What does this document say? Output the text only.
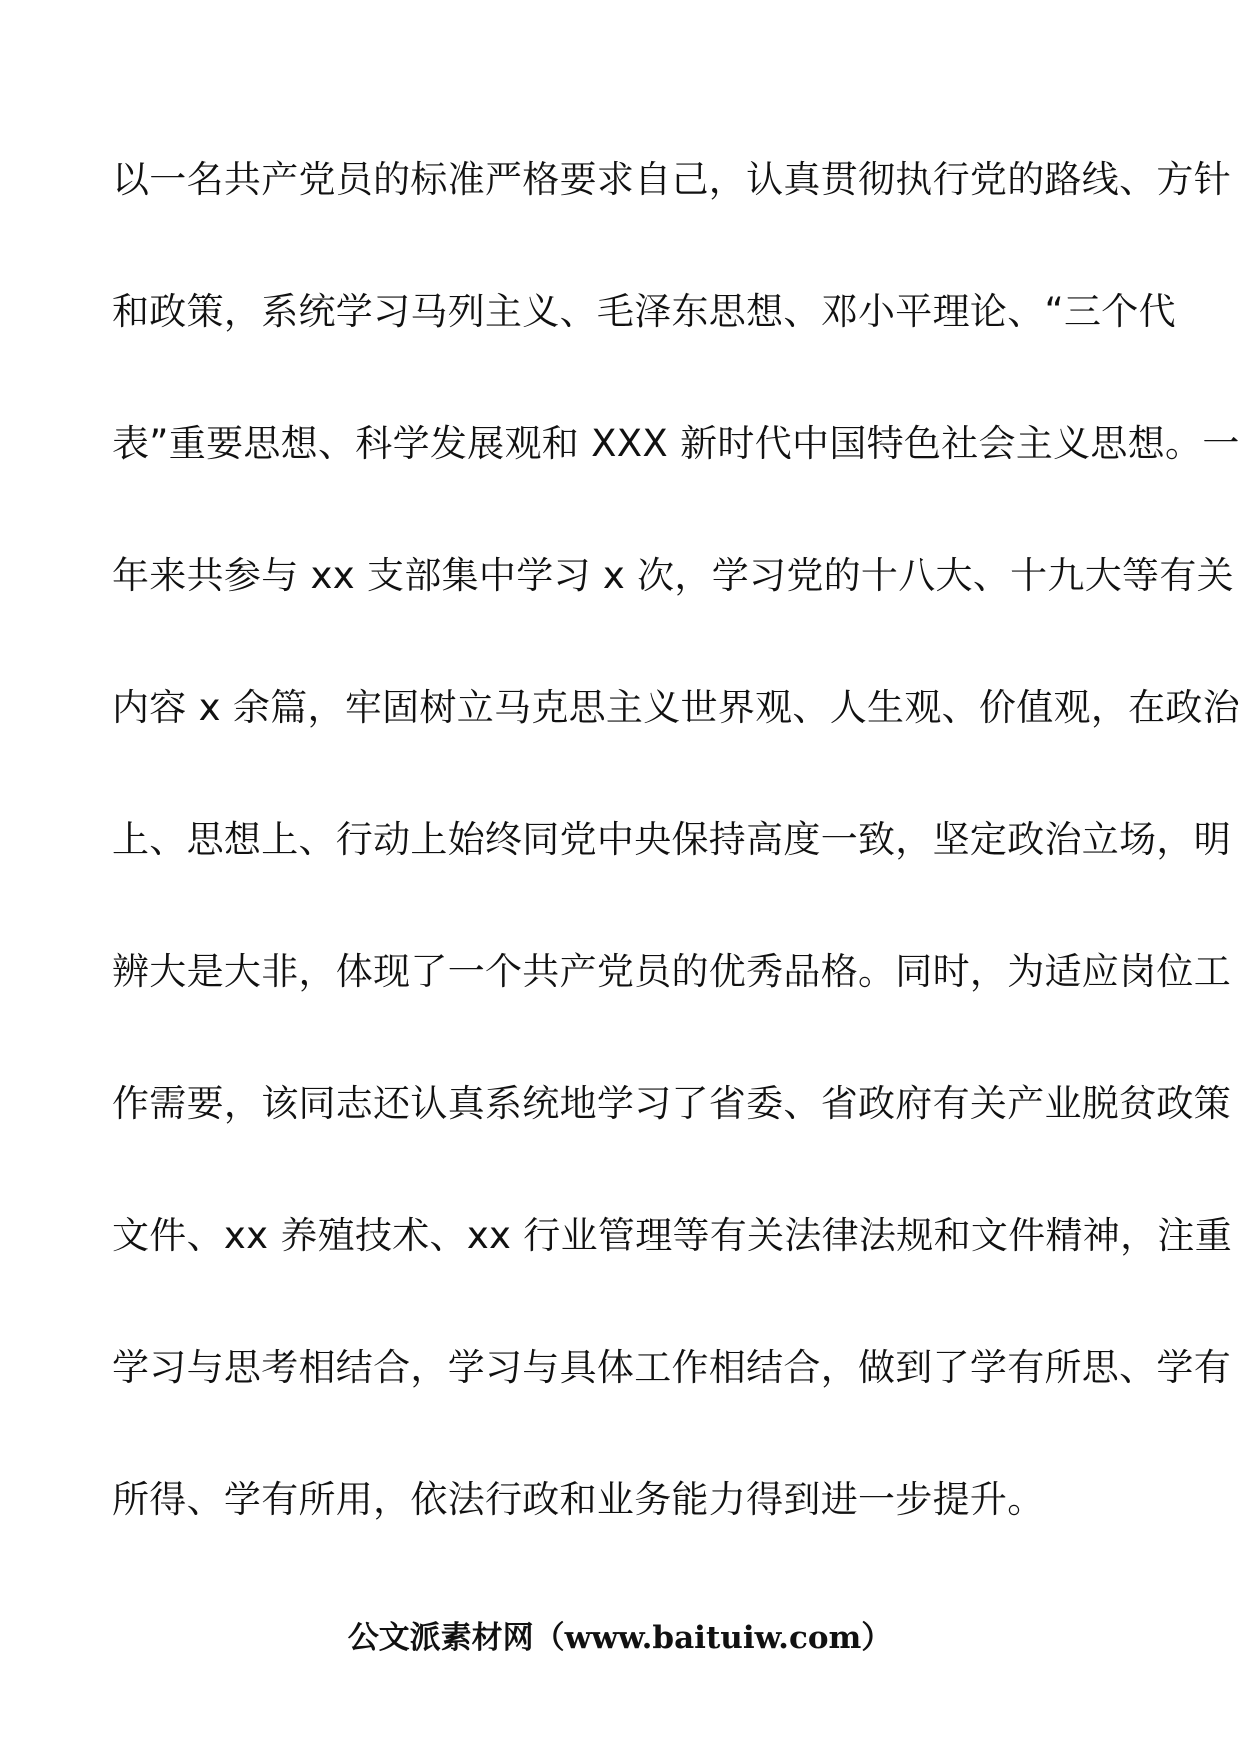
以一名共产党员的标准严格要求自己，认真贯彻执行党的路线、方针
和政策，系统学习马列主义、毛泽东思想、邓小平理论、“三个代
表”重要思想、科学发展观和 XXX 新时代中国特色社会主义思想。一
年来共参与 xx 支部集中学习 x 次，学习党的十八大、十九大等有关
内容 x 余篇，牢固树立马克思主义世界观、人生观、价值观，在政治
上、思想上、行动上始终同党中央保持高度一致，坚定政治立场，明
辨大是大非，体现了一个共产党员的优秀品格。同时，为适应岗位工
作需要，该同志还认真系统地学习了省委、省政府有关产业脱贫政策
文件、xx 养殖技术、xx 行业管理等有关法律法规和文件精神，注重
学习与思考相结合，学习与具体工作相结合，做到了学有所思、学有
所得、学有所用，依法行政和业务能力得到进一步提升。
公文派素材网（www.baituiw.com）
